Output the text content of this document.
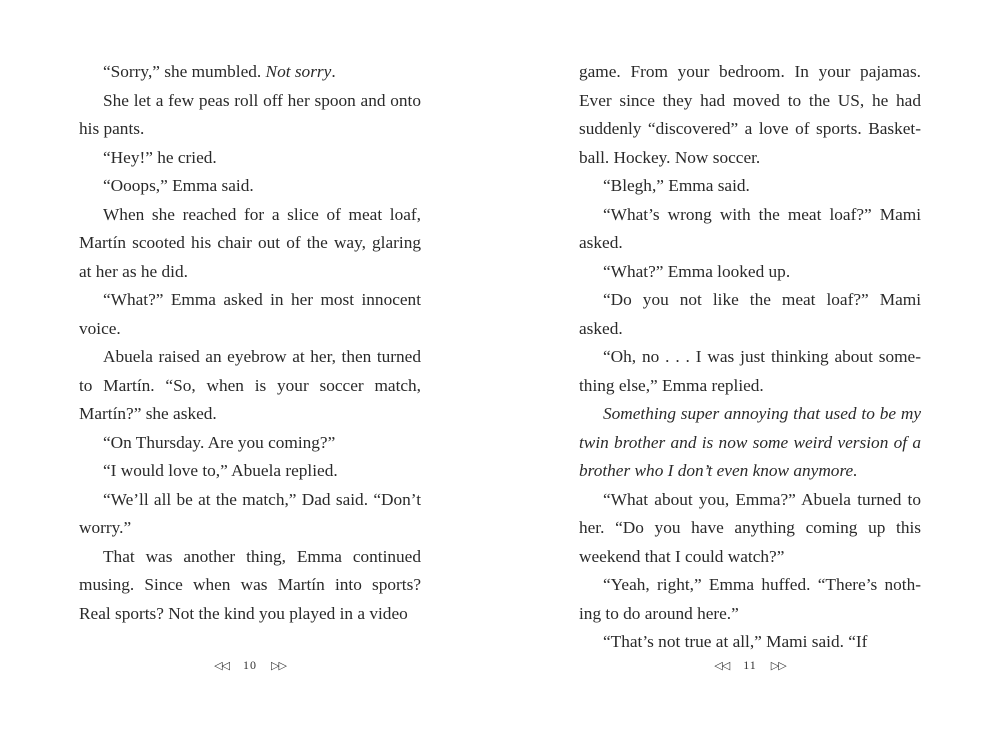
“Sorry,” she mumbled. Not sorry.

She let a few peas roll off her spoon and onto his pants.

“Hey!” he cried.

“Ooops,” Emma said.

When she reached for a slice of meat loaf, Martín scooted his chair out of the way, glaring at her as he did.

“What?” Emma asked in her most innocent voice.

Abuela raised an eyebrow at her, then turned to Martín. “So, when is your soccer match, Martín?” she asked.

“On Thursday. Are you coming?”

“I would love to,” Abuela replied.

“We’ll all be at the match,” Dad said. “Don’t worry.”

That was another thing, Emma continued musing. Since when was Martín into sports? Real sports? Not the kind you played in a video

◁◁ 10 ▷▷

game. From your bedroom. In your pajamas. Ever since they had moved to the US, he had suddenly “discovered” a love of sports. Basketball. Hockey. Now soccer.

“Blegh,” Emma said.

“What’s wrong with the meat loaf?” Mami asked.

“What?” Emma looked up.

“Do you not like the meat loaf?” Mami asked.

“Oh, no . . . I was just thinking about something else,” Emma replied.

Something super annoying that used to be my twin brother and is now some weird version of a brother who I don’t even know anymore.

“What about you, Emma?” Abuela turned to her. “Do you have anything coming up this weekend that I could watch?”

“Yeah, right,” Emma huffed. “There’s nothing to do around here.”

“That’s not true at all,” Mami said. “If

◁◁ 11 ▷▷
